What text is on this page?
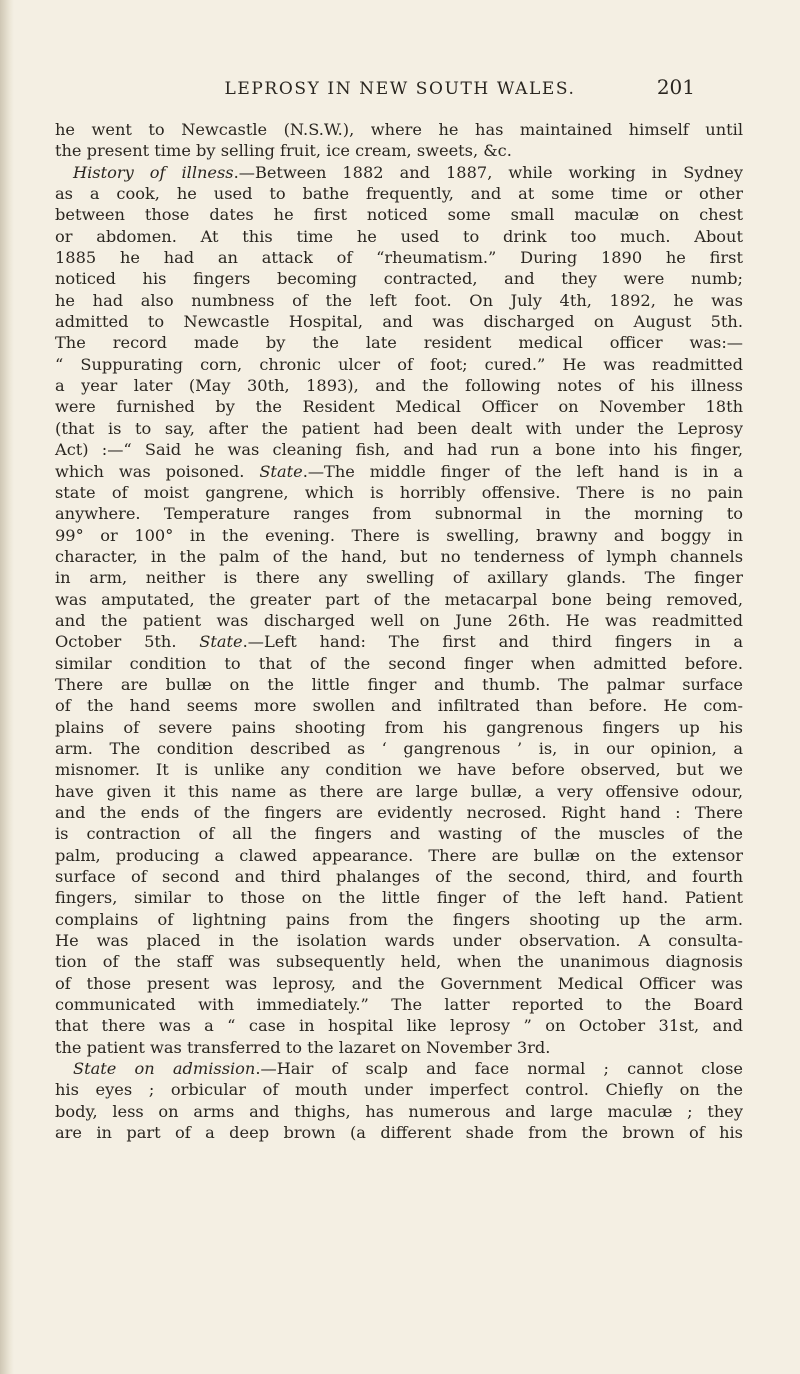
LEPROSY IN NEW SOUTH WALES.	201
he went to Newcastle (N.S.W.), where he has maintained himself until
the present time by selling fruit, ice cream, sweets, &c.
History of illness.—Between 1882 and 1887, while working in Sydney
as a cook, he used to bathe frequently, and at some time or other
between those dates he first noticed some small maculæ on chest
or abdomen. At this time he used to drink too much. About
1885 he had an attack of “rheumatism.” During 1890 he first
noticed his fingers becoming contracted, and they were numb;
he had also numbness of the left foot. On July 4th, 1892, he was
admitted to Newcastle Hospital, and was discharged on August 5th.
The record made by the late resident medical officer was:—
“ Suppurating corn, chronic ulcer of foot; cured.” He was readmitted
a year later (May 30th, 1893), and the following notes of his illness
were furnished by the Resident Medical Officer on November 18th
(that is to say, after the patient had been dealt with under the Leprosy
Act) :—“ Said he was cleaning fish, and had run a bone into his finger,
which was poisoned. State.—The middle finger of the left hand is in a
state of moist gangrene, which is horribly offensive. There is no pain
anywhere. Temperature ranges from subnormal in the morning to
99° or 100° in the evening. There is swelling, brawny and boggy in
character, in the palm of the hand, but no tenderness of lymph channels
in arm, neither is there any swelling of axillary glands. The finger
was amputated, the greater part of the metacarpal bone being removed,
and the patient was discharged well on June 26th. He was readmitted
October 5th. State.—Left hand: The first and third fingers in a
similar condition to that of the second finger when admitted before.
There are bullæ on the little finger and thumb. The palmar surface
of the hand seems more swollen and infiltrated than before. He com-
plains of severe pains shooting from his gangrenous fingers up his
arm. The condition described as ‘ gangrenous ’ is, in our opinion, a
misnomer. It is unlike any condition we have before observed, but we
have given it this name as there are large bullæ, a very offensive odour,
and the ends of the fingers are evidently necrosed. Right hand : There
is contraction of all the fingers and wasting of the muscles of the
palm, producing a clawed appearance. There are bullæ on the extensor
surface of second and third phalanges of the second, third, and fourth
fingers, similar to those on the little finger of the left hand. Patient
complains of lightning pains from the fingers shooting up the arm.
He was placed in the isolation wards under observation. A consulta-
tion of the staff was subsequently held, when the unanimous diagnosis
of those present was leprosy, and the Government Medical Officer was
communicated with immediately.” The latter reported to the Board
that there was a “ case in hospital like leprosy ” on October 31st, and
the patient was transferred to the lazaret on November 3rd.
State on admission.—Hair of scalp and face normal ; cannot close
his eyes ; orbicular of mouth under imperfect control. Chiefly on the
body, less on arms and thighs, has numerous and large maculæ ; they
are in part of a deep brown (a different shade from the brown of his
